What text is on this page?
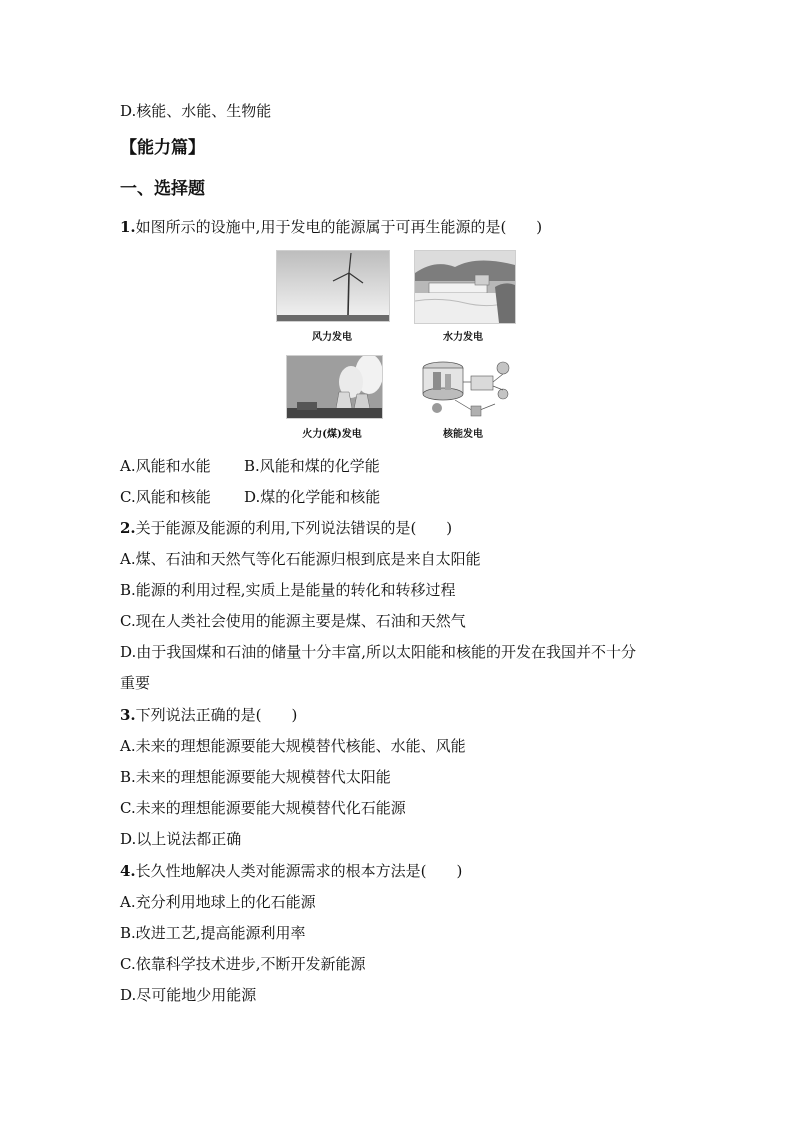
D.核能、水能、生物能
【能力篇】
一、选择题
1.如图所示的设施中,用于发电的能源属于可再生能源的是(　　)
风力发电	水力发电
火力(煤)发电	核能发电
A.风能和水能 B.风能和煤的化学能
C.风能和核能 D.煤的化学能和核能
2.关于能源及能源的利用,下列说法错误的是(　　)
A.煤、石油和天然气等化石能源归根到底是来自太阳能
B.能源的利用过程,实质上是能量的转化和转移过程
C.现在人类社会使用的能源主要是煤、石油和天然气
D.由于我国煤和石油的储量十分丰富,所以太阳能和核能的开发在我国并不十分
重要
3.下列说法正确的是(　　)
A.未来的理想能源要能大规模替代核能、水能、风能
B.未来的理想能源要能大规模替代太阳能
C.未来的理想能源要能大规模替代化石能源
D.以上说法都正确
4.长久性地解决人类对能源需求的根本方法是(　　)
A.充分利用地球上的化石能源
B.改进工艺,提高能源利用率
C.依靠科学技术进步,不断开发新能源
D.尽可能地少用能源
